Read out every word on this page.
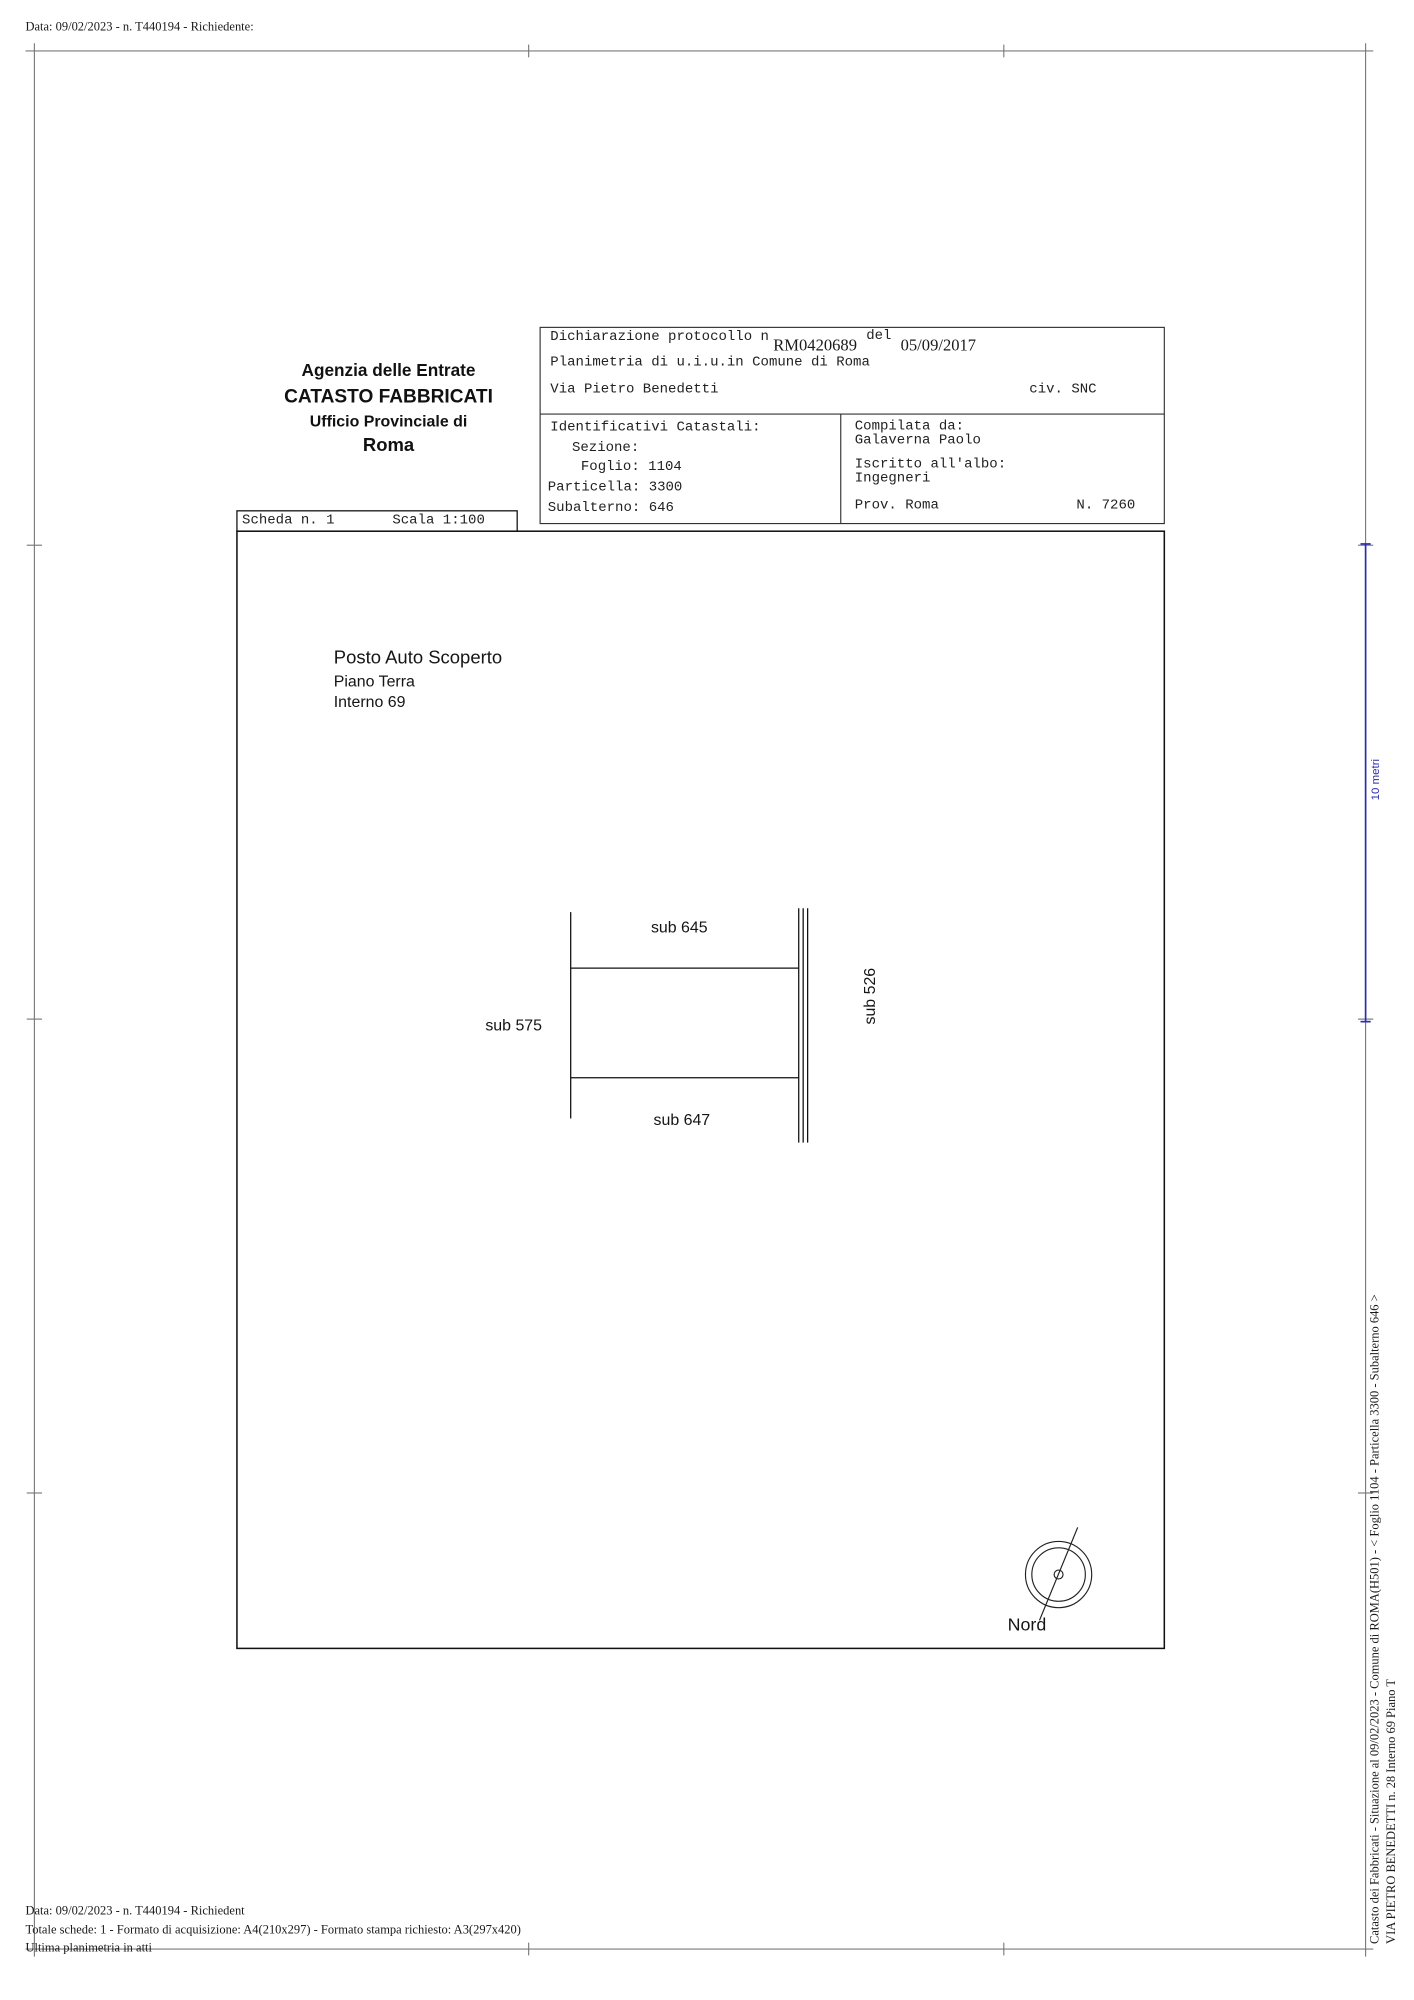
Data: 09/02/2023 - n. T440194 - Richiedente:
Agenzia delle Entrate
CATASTO FABBRICATI
Ufficio Provinciale di
Roma
Dichiarazione protocollo n RM0420689 del 05/09/2017
Planimetria di u.i.u.in Comune di Roma
Via Pietro Benedetti	civ. SNC
Identificativi Catastali:
Sezione:
Foglio: 1104
Particella: 3300
Subalterno: 646
Compilata da:
Galaverna Paolo
Iscritto all'albo:
Ingegneri
Prov. Roma	N. 7260
Scheda n. 1	Scala 1:100
Posto Auto Scoperto
Piano Terra
Interno 69
sub 645
sub 575
sub 647
sub 526
Nord
10 metri
Data: 09/02/2023 - n. T440194 - Richiedent
Totale schede: 1 - Formato di acquisizione: A4(210x297) - Formato stampa richiesto: A3(297x420)
Ultima planimetria in atti
Catasto dei Fabbricati - Situazione al 09/02/2023 - Comune di ROMA(H501) - < Foglio 1104 - Particella 3300 - Subalterno 646 > VIA PIETRO BENEDETTI n. 28 Interno 69 Piano T
